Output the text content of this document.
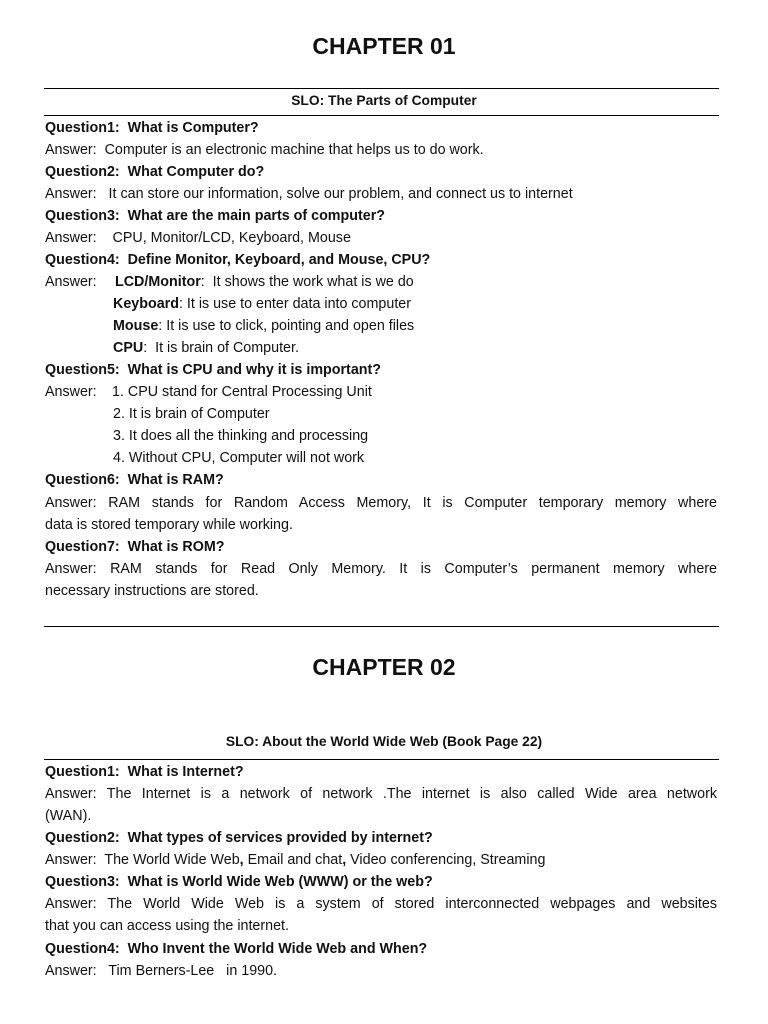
CHAPTER 01
SLO: The Parts of Computer
Question1:  What is Computer?
Answer:  Computer is an electronic machine that helps us to do work.
Question2:  What Computer do?
Answer:   It can store our information, solve our problem, and connect us to internet
Question3:  What are the main parts of computer?
Answer:    CPU, Monitor/LCD, Keyboard, Mouse
Question4:  Define Monitor, Keyboard, and Mouse, CPU?
Answer: LCD/Monitor:  It shows the work what is we do
Keyboard: It is use to enter data into computer
Mouse: It is use to click, pointing and open files
CPU:  It is brain of Computer.
Question5:  What is CPU and why it is important?
Answer: 1. CPU stand for Central Processing Unit
2. It is brain of Computer
3. It does all the thinking and processing
4. Without CPU, Computer will not work
Question6:  What is RAM?
Answer: RAM stands for Random Access Memory, It is Computer temporary memory where
data is stored temporary while working.
Question7:  What is ROM?
Answer: RAM stands for Read Only Memory. It is Computer’s permanent memory where
necessary instructions are stored.
CHAPTER 02
SLO: About the World Wide Web (Book Page 22)
Question1:  What is Internet?
Answer: The Internet is a network of network .The internet is also called Wide area network
(WAN).
Question2:  What types of services provided by internet?
Answer:  The World Wide Web, Email and chat, Video conferencing, Streaming
Question3:  What is World Wide Web (WWW) or the web?
Answer: The World Wide Web is a system of stored interconnected webpages and websites
that you can access using the internet.
Question4:  Who Invent the World Wide Web and When?
Answer:   Tim Berners-Lee   in 1990.
